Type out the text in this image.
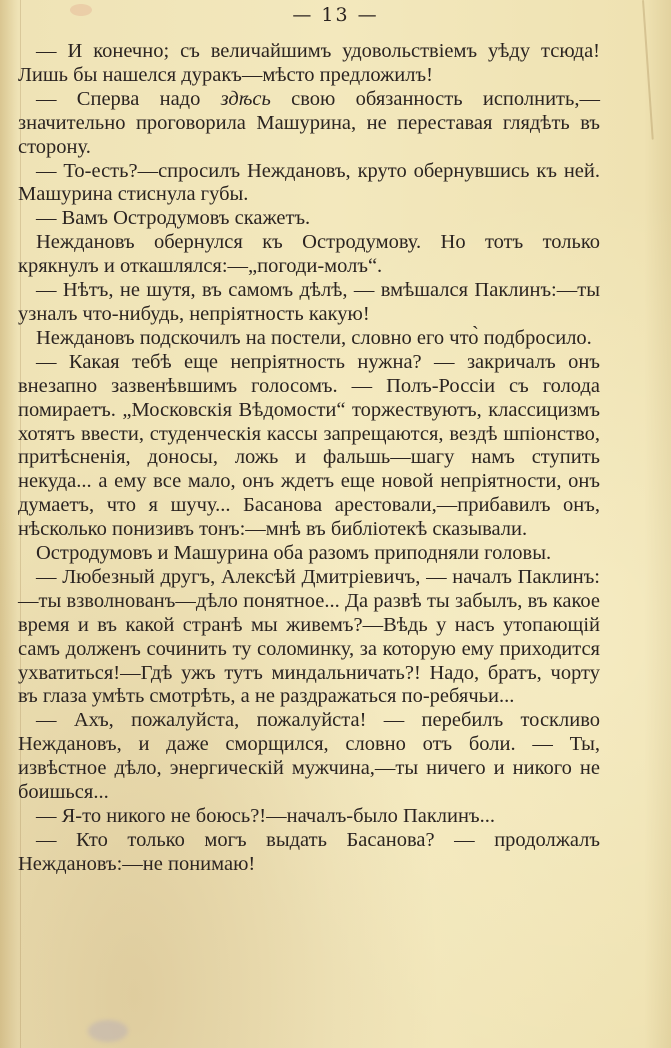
— 13 —

— И конечно; съ величайшимъ удовольствіемъ уѣду тсюда! Лишь бы нашелся дуракъ—мѣсто предложилъ!

— Сперва надо здѣсь свою обязанность исполнить,—значительно проговорила Машурина, не переставая глядѣть въ сторону.

— То-есть?—спросилъ Неждановъ, круто обернувшись къ ней. Машурина стиснула губы.

— Вамъ Остродумовъ скажетъ.

Неждановъ обернулся къ Остродумову. Но тотъ только крякнулъ и откашлялся:—„погоди-молъ“.

— Нѣтъ, не шутя, въ самомъ дѣлѣ, — вмѣшался Паклинъ:—ты узналъ что-нибудь, непріятность какую!

Неждановъ подскочилъ на постели, словно его что̀ подбросило.

— Какая тебѣ еще непріятность нужна? — закричалъ онъ внезапно зазвенѣвшимъ голосомъ. — Полъ-Россіи съ голода помираетъ. „Московскія Вѣдомости“ торжествуютъ, классицизмъ хотятъ ввести, студенческія кассы запрещаются, вездѣ шпіонство, притѣсненія, доносы, ложь и фальшь—шагу намъ ступить некуда... а ему все мало, онъ ждетъ еще новой непріятности, онъ думаетъ, что я шучу... Басанова арестовали,—прибавилъ онъ, нѣсколько понизивъ тонъ:—мнѣ въ библіотекѣ сказывали.

Остродумовъ и Машурина оба разомъ приподняли головы.

— Любезный другъ, Алексѣй Дмитріевичъ, — началъ Паклинъ:—ты взволнованъ—дѣло понятное... Да развѣ ты забылъ, въ какое время и въ какой странѣ мы живемъ?—Вѣдь у насъ утопающій самъ долженъ сочинить ту соломинку, за которую ему приходится ухватиться!—Гдѣ ужъ тутъ миндальничать?! Надо, братъ, чорту въ глаза умѣть смотрѣть, а не раздражаться по-ребячьи...

— Ахъ, пожалуйста, пожалуйста! — перебилъ тоскливо Неждановъ, и даже сморщился, словно отъ боли. — Ты, извѣстное дѣло, энергическій мужчина,—ты ничего и никого не боишься...

— Я-то никого не боюсь?!—началъ-было Паклинъ...

— Кто только могъ выдать Басанова? — продолжалъ Неждановъ:—не понимаю!
